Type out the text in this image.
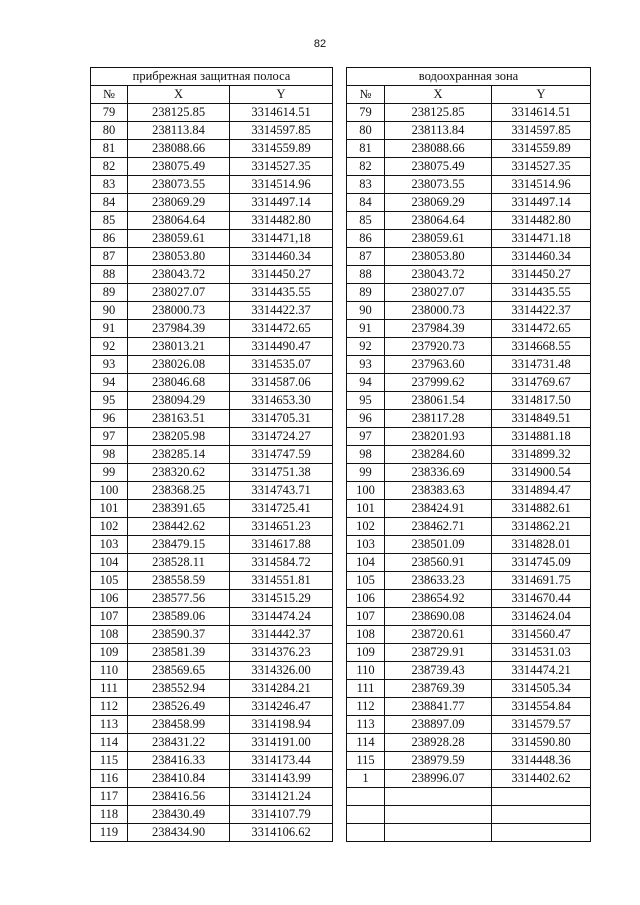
82
прибрежная защитная полоса				водоохранная зона		
№	X	Y		№	X	Y
79	238125.85	3314614.51		79	238125.85	3314614.51
80	238113.84	3314597.85		80	238113.84	3314597.85
81	238088.66	3314559.89		81	238088.66	3314559.89
82	238075.49	3314527.35		82	238075.49	3314527.35
83	238073.55	3314514.96		83	238073.55	3314514.96
84	238069.29	3314497.14		84	238069.29	3314497.14
85	238064.64	3314482.80		85	238064.64	3314482.80
86	238059.61	3314471,18		86	238059.61	3314471.18
87	238053.80	3314460.34		87	238053.80	3314460.34
88	238043.72	3314450.27		88	238043.72	3314450.27
89	238027.07	3314435.55		89	238027.07	3314435.55
90	238000.73	3314422.37		90	238000.73	3314422.37
91	237984.39	3314472.65		91	237984.39	3314472.65
92	238013.21	3314490.47		92	237920.73	3314668.55
93	238026.08	3314535.07		93	237963.60	3314731.48
94	238046.68	3314587.06		94	237999.62	3314769.67
95	238094.29	3314653.30		95	238061.54	3314817.50
96	238163.51	3314705.31		96	238117.28	3314849.51
97	238205.98	3314724.27		97	238201.93	3314881.18
98	238285.14	3314747.59		98	238284.60	3314899.32
99	238320.62	3314751.38		99	238336.69	3314900.54
100	238368.25	3314743.71		100	238383.63	3314894.47
101	238391.65	3314725.41		101	238424.91	3314882.61
102	238442.62	3314651.23		102	238462.71	3314862.21
103	238479.15	3314617.88		103	238501.09	3314828.01
104	238528.11	3314584.72		104	238560.91	3314745.09
105	238558.59	3314551.81		105	238633.23	3314691.75
106	238577.56	3314515.29		106	238654.92	3314670.44
107	238589.06	3314474.24		107	238690.08	3314624.04
108	238590.37	3314442.37		108	238720.61	3314560.47
109	238581.39	3314376.23		109	238729.91	3314531.03
110	238569.65	3314326.00		110	238739.43	3314474.21
111	238552.94	3314284.21		111	238769.39	3314505.34
112	238526.49	3314246.47		112	238841.77	3314554.84
113	238458.99	3314198.94		113	238897.09	3314579.57
114	238431.22	3314191.00		114	238928.28	3314590.80
115	238416.33	3314173.44		115	238979.59	3314448.36
116	238410.84	3314143.99		1	238996.07	3314402.62
117	238416.56	3314121.24				
118	238430.49	3314107.79				
119	238434.90	3314106.62				
